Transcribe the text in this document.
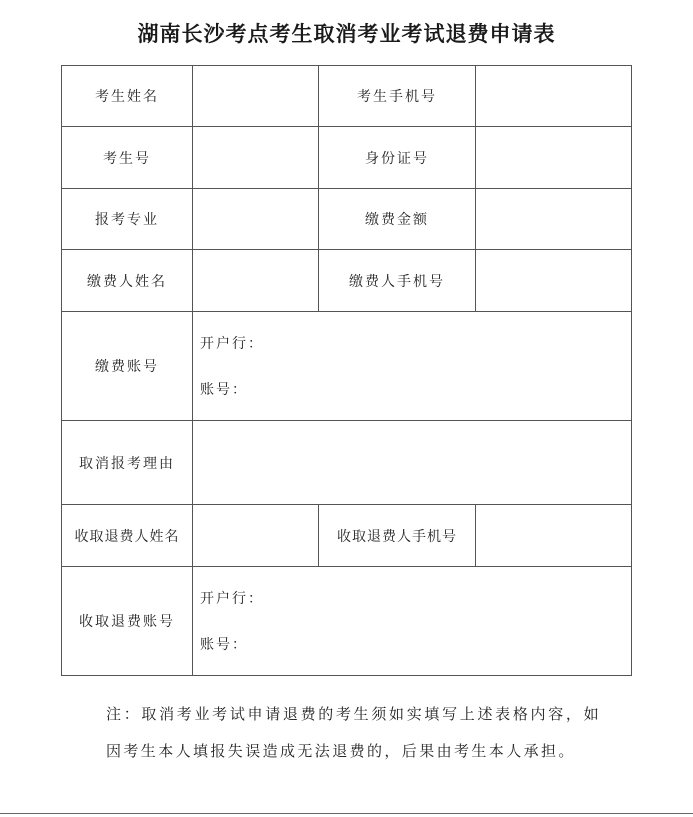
湖南长沙考点考生取消考业考试退费申请表
考生姓名		考生手机号	
考生号		身份证号	
报考专业		缴费金额	
缴费人姓名		缴费人手机号	
缴费账号	开户行：
账号：		

取消报考理由			
收取退费人姓名		收取退费人手机号	
收取退费账号	开户行：
账号：		
注：取消考业考试申请退费的考生须如实填写上述表格内容，如因考生本人填报失误造成无法退费的，后果由考生本人承担。
